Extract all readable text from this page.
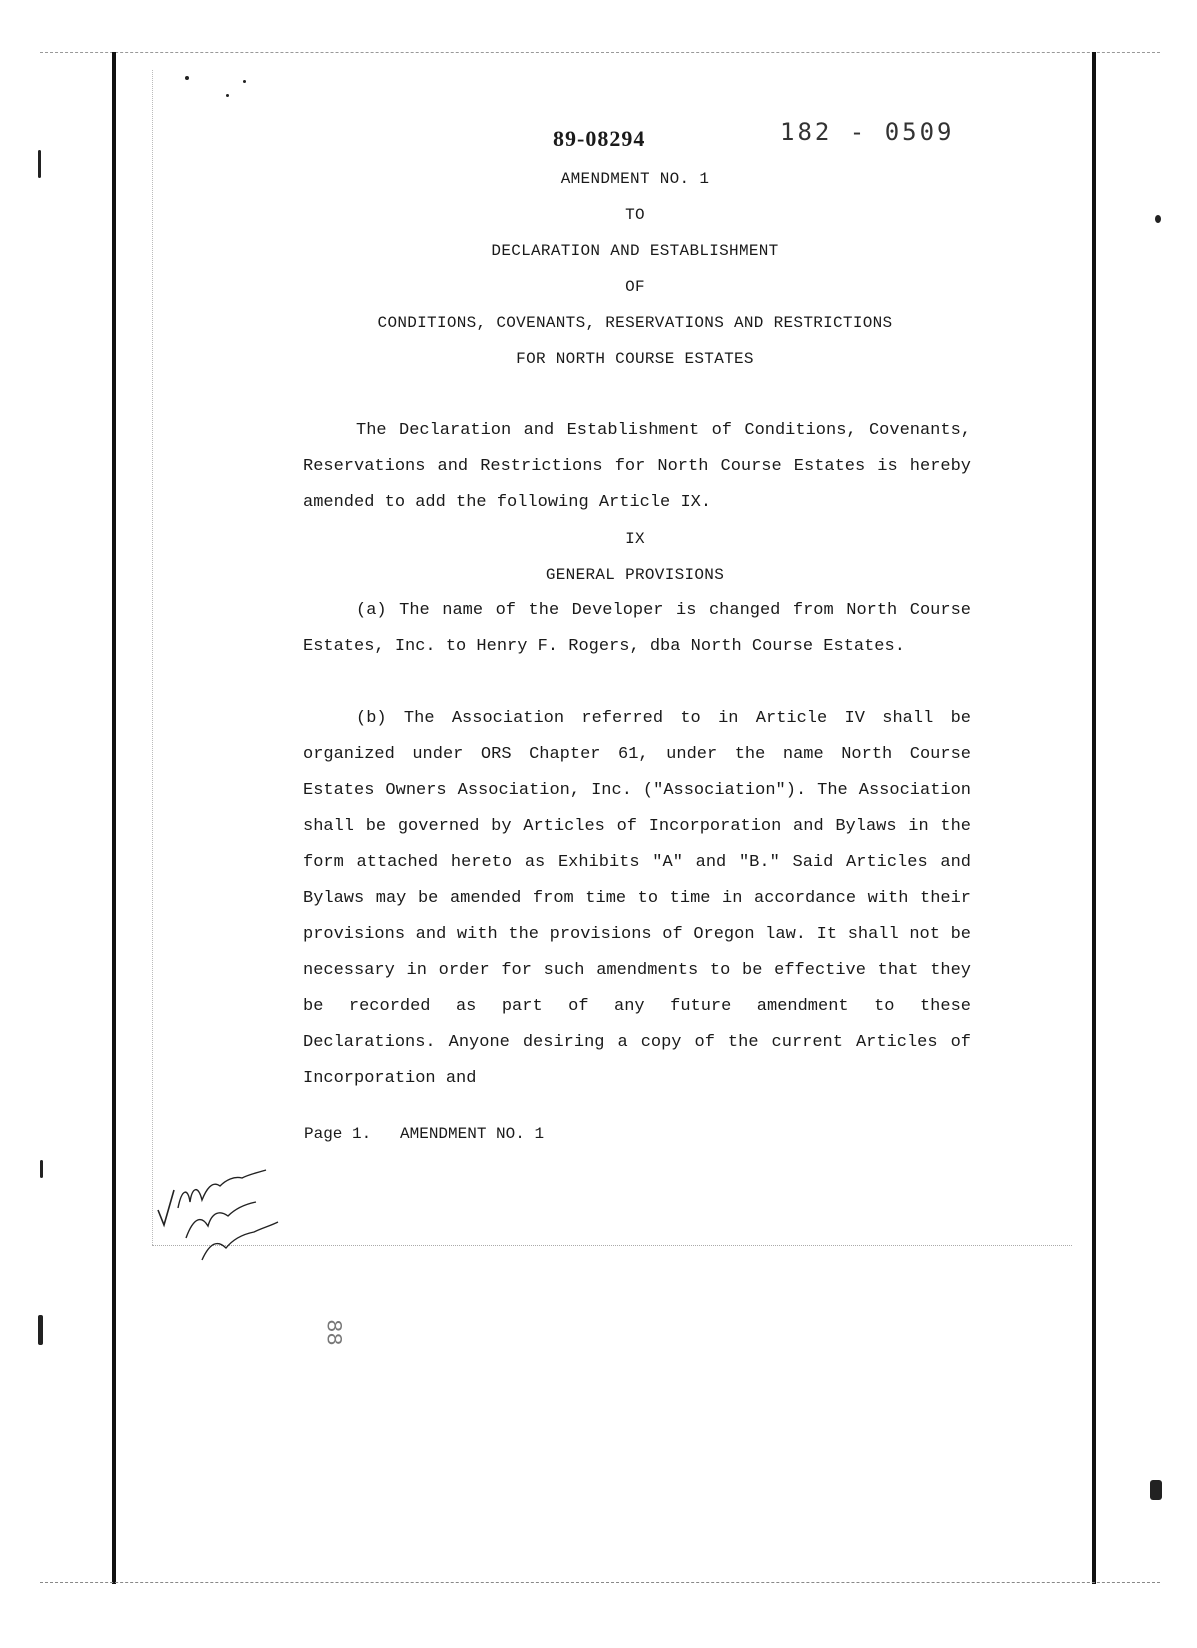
89-08294	182 - 0509
AMENDMENT NO. 1
TO
DECLARATION AND ESTABLISHMENT
OF
CONDITIONS, COVENANTS, RESERVATIONS AND RESTRICTIONS
FOR NORTH COURSE ESTATES
The Declaration and Establishment of Conditions, Covenants, Reservations and Restrictions for North Course Estates is hereby amended to add the following Article IX.
IX
GENERAL PROVISIONS
(a) The name of the Developer is changed from North Course Estates, Inc. to Henry F. Rogers, dba North Course Estates.
(b) The Association referred to in Article IV shall be organized under ORS Chapter 61, under the name North Course Estates Owners Association, Inc. ("Association"). The Association shall be governed by Articles of Incorporation and Bylaws in the form attached hereto as Exhibits "A" and "B." Said Articles and Bylaws may be amended from time to time in accordance with their provisions and with the provisions of Oregon law. It shall not be necessary in order for such amendments to be effective that they be recorded as part of any future amendment to these Declarations. Anyone desiring a copy of the current Articles of Incorporation and
Page 1.   AMENDMENT NO. 1
88
